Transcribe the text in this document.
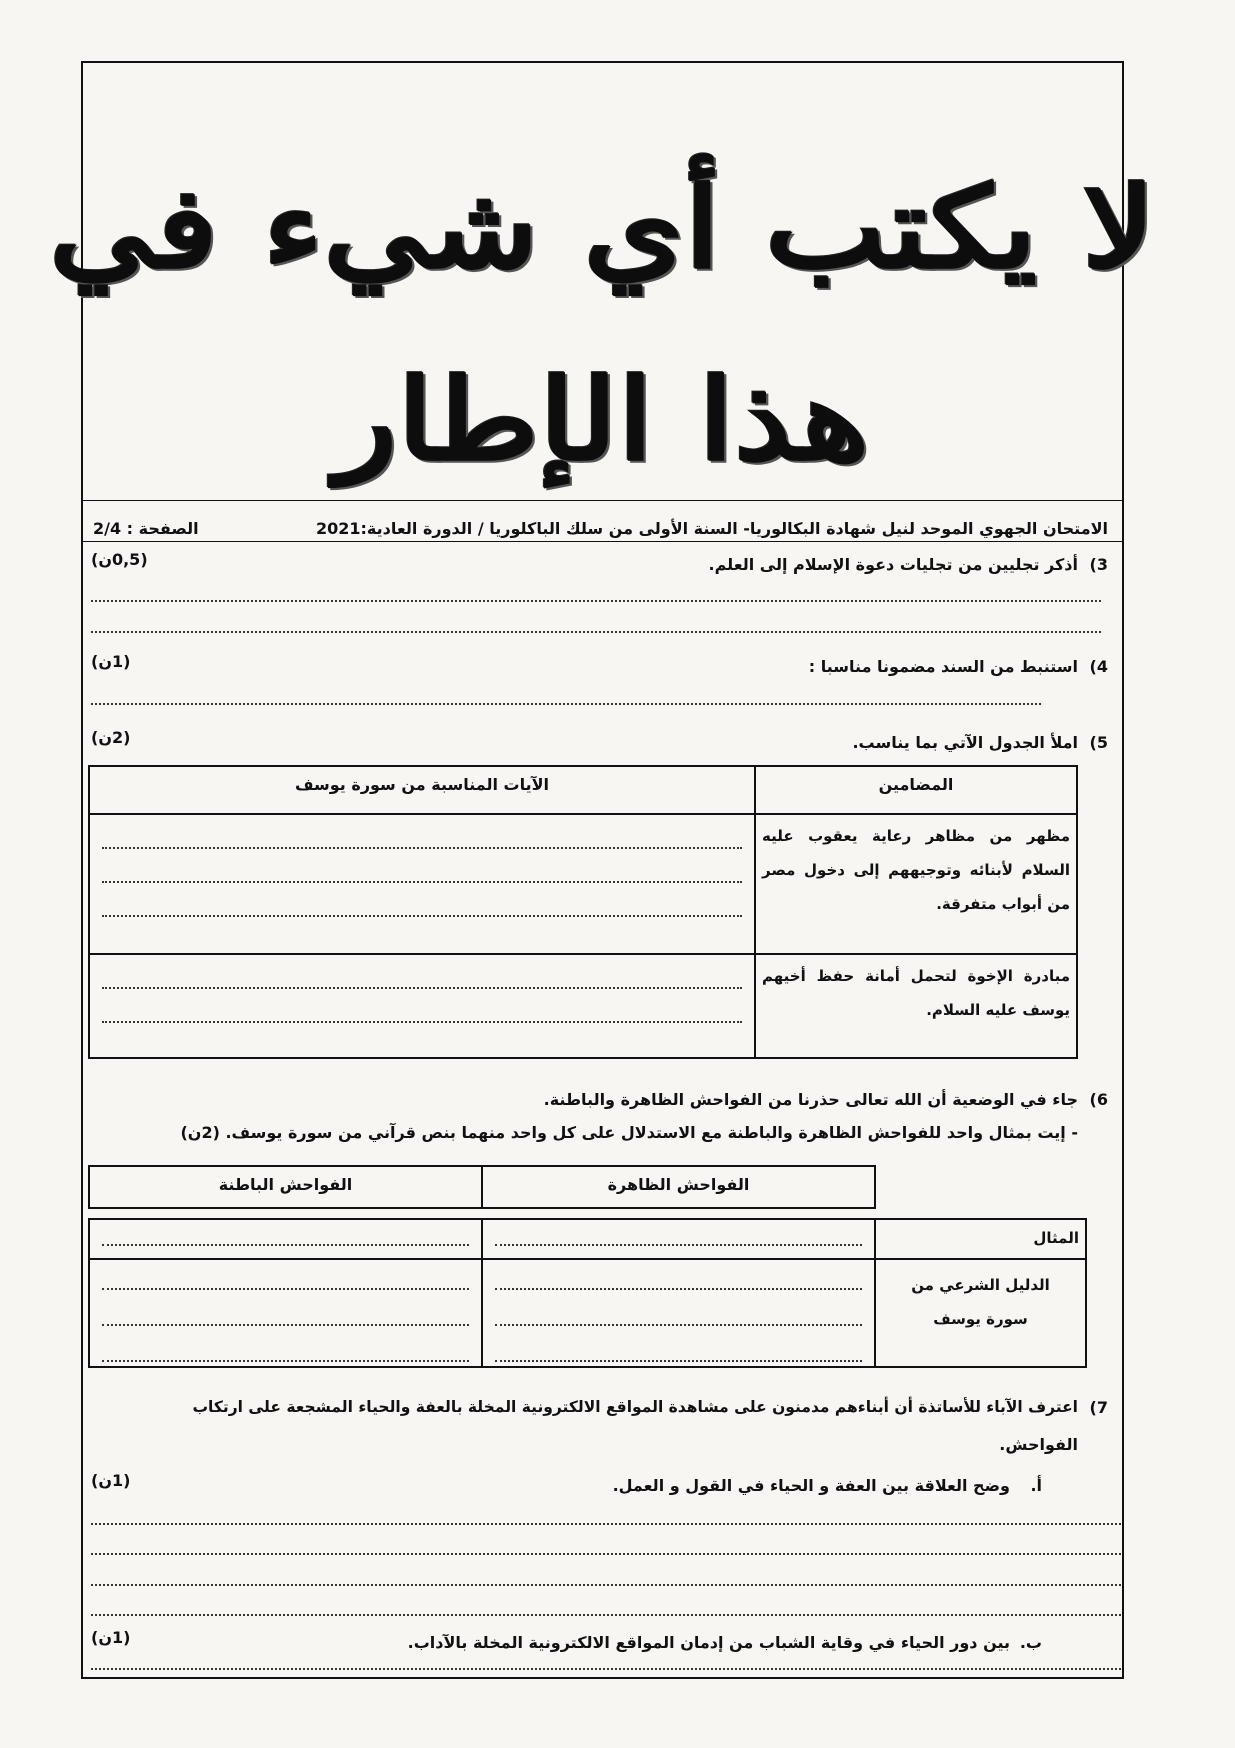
لا يكتب أي شيء في
هذا الإطار
الامتحان الجهوي الموحد لنيل شهادة البكالوريا- السنة الأولى من سلك الباكلوريا / الدورة العادية:2021
الصفحة : 2/4
3)
أذكر تجليين من تجليات دعوة الإسلام إلى العلم.
(0,5ن)
4)
استنبط من السند مضمونا مناسبا :
(1ن)
5)
املأ الجدول الآتي بما يناسب.
(2ن)
المضامين	الآيات المناسبة من سورة يوسف

مظهر من مظاهر رعاية يعقوب عليه السلام لأبنائه وتوجيههم إلى دخول مصر من أبواب متفرقة.	

مبادرة الإخوة لتحمل أمانة حفظ أخيهم يوسف عليه السلام.	

6)
جاء في الوضعية أن الله تعالى حذرنا من الفواحش الظاهرة والباطنة.
- إيت بمثال واحد للفواحش الظاهرة والباطنة مع الاستدلال على كل واحد منهما بنص قرآني من سورة يوسف. (2ن)
الفواحش الباطنة	الفواحش الظاهرة
المثال
الدليل الشرعي من سورة يوسف
7)
اعترف الآباء للأساتذة أن أبناءهم مدمنون على مشاهدة المواقع الالكترونية المخلة بالعفة والحياء المشجعة على ارتكاب
الفواحش.
أ.
وضح العلاقة بين العفة و الحياء في القول و العمل.
(1ن)
ب.
بين دور الحياء في وقاية الشباب من إدمان المواقع الالكترونية المخلة بالآداب.
(1ن)
